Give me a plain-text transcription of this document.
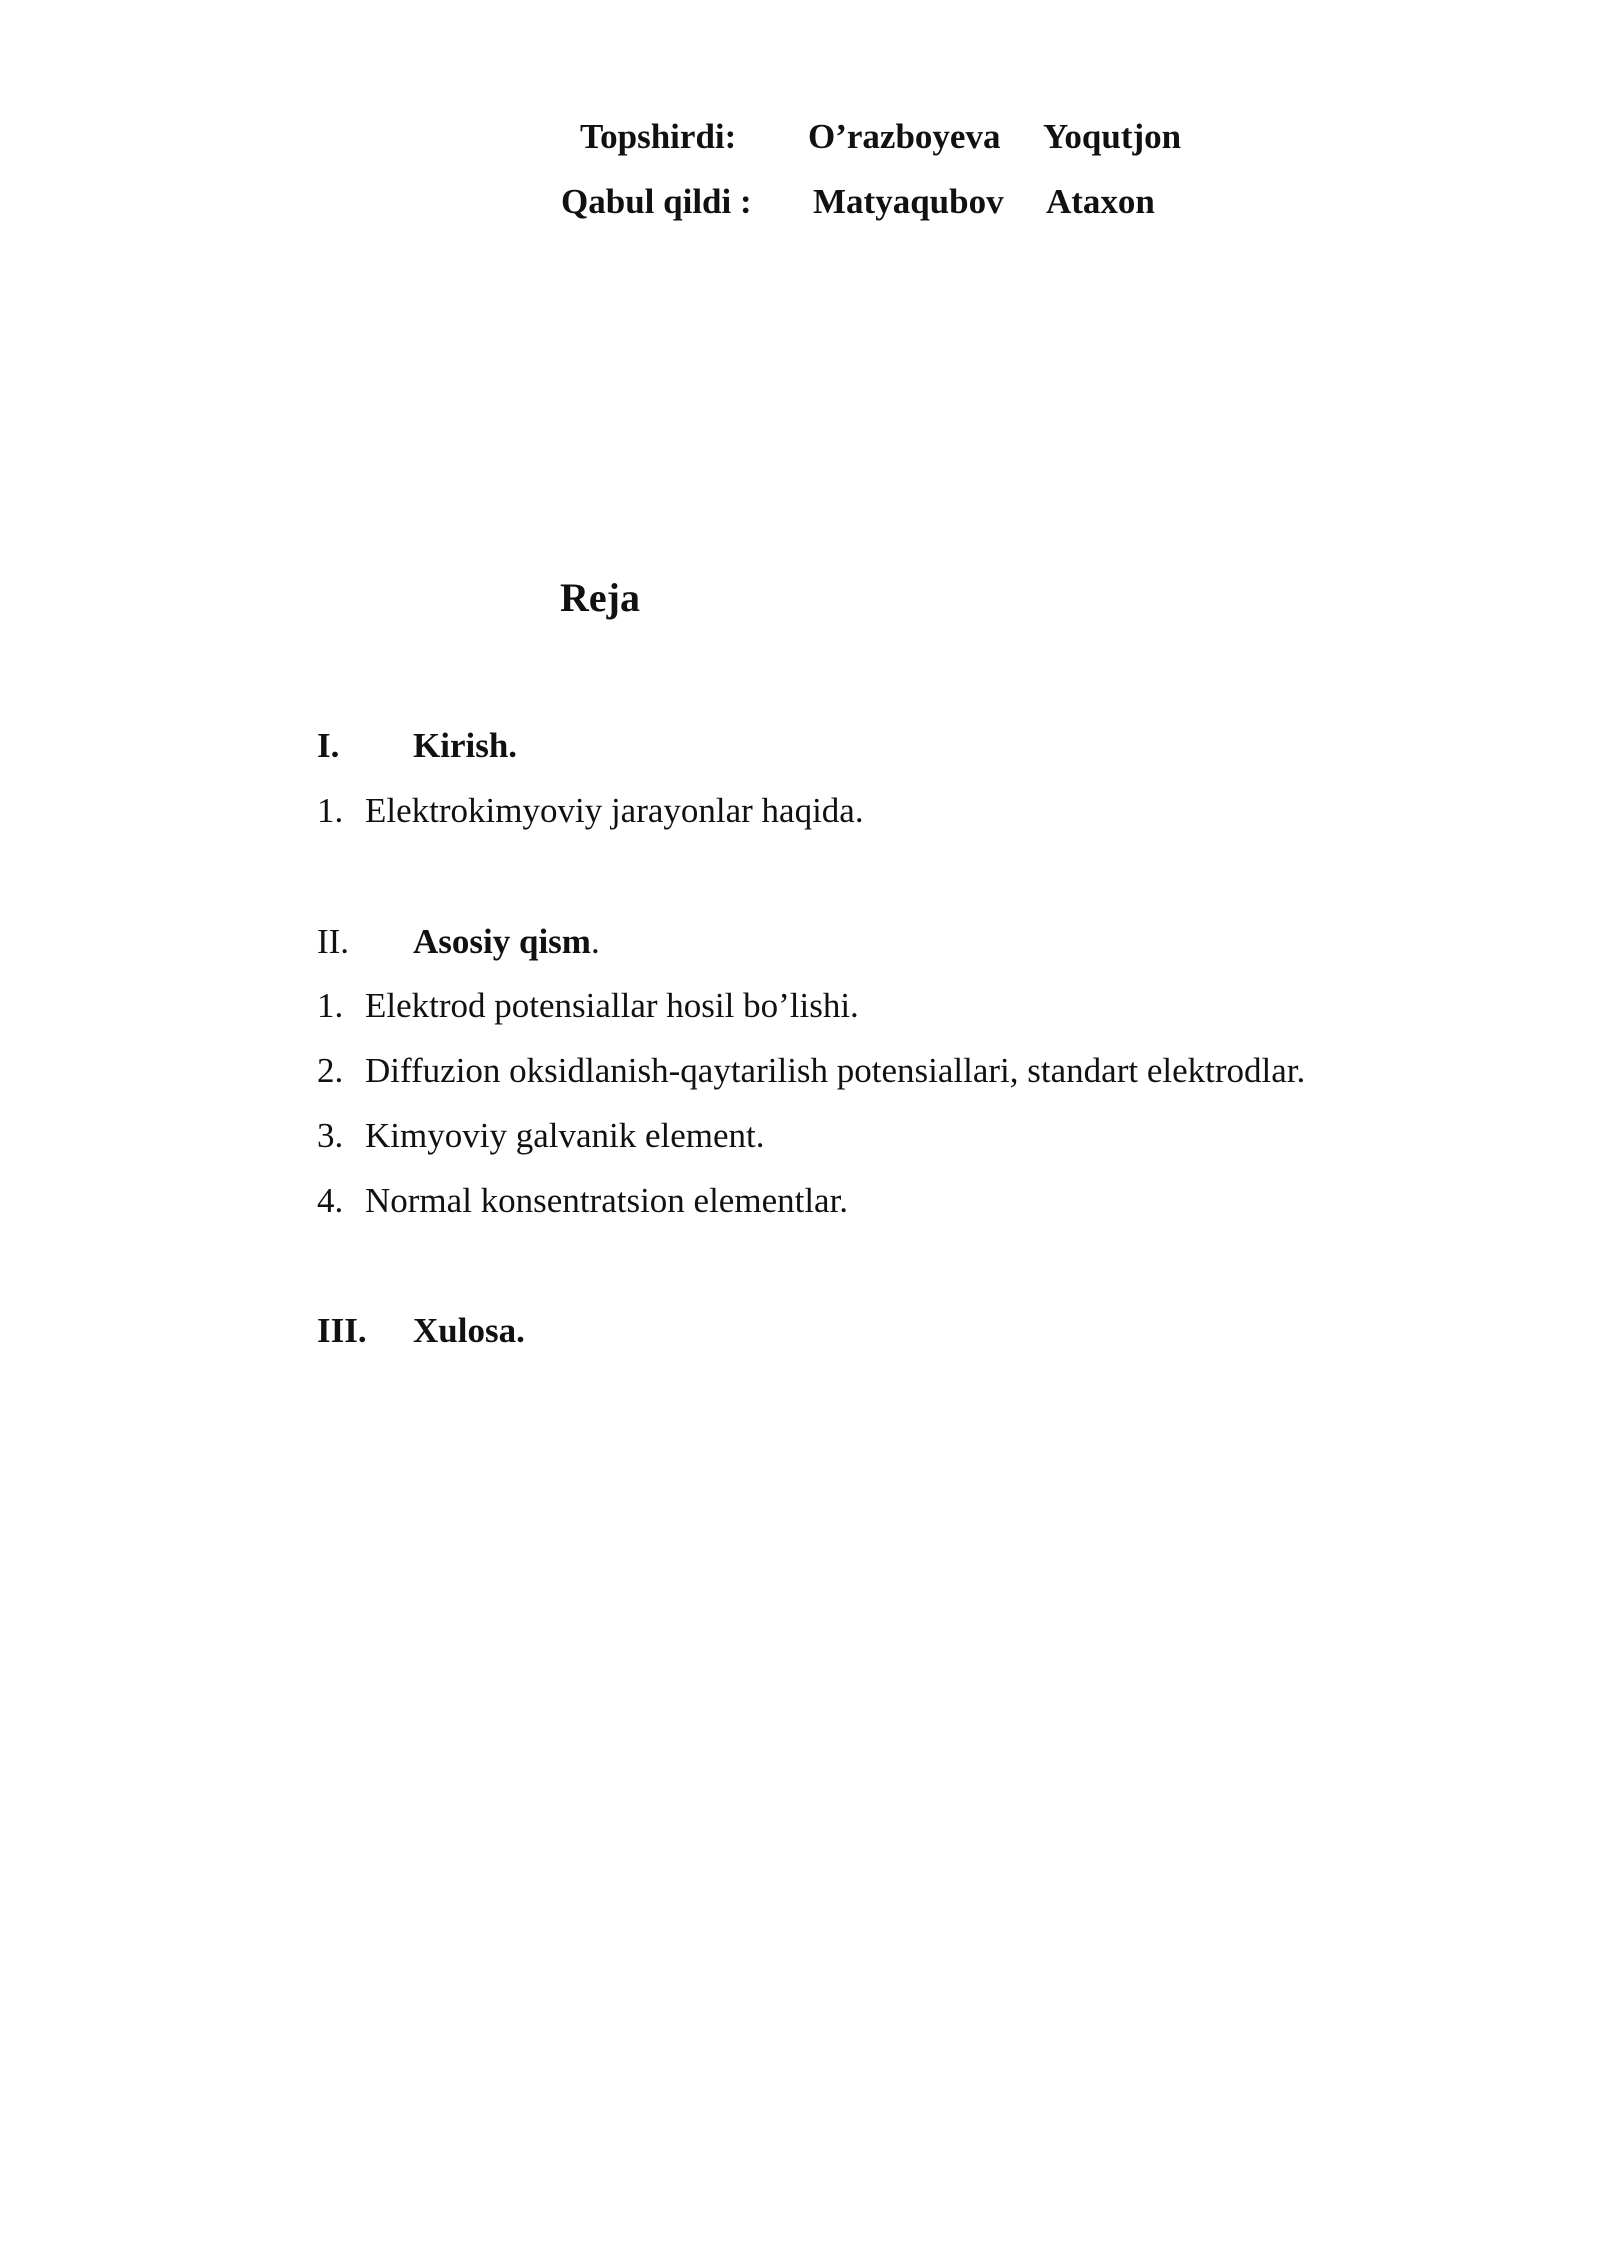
Topshirdi: O’razboyeva Yoqutjon
Qabul qildi : Matyaqubov Ataxon
Reja
I. Kirish.
1. Elektrokimyoviy jarayonlar haqida.
II. Asosiy qism.
1. Elektrod potensiallar hosil bo’lishi.
2. Diffuzion oksidlanish-qaytarilish potensiallari, standart elektrodlar.
3. Kimyoviy galvanik element.
4. Normal konsentratsion elementlar.
III. Xulosa.
